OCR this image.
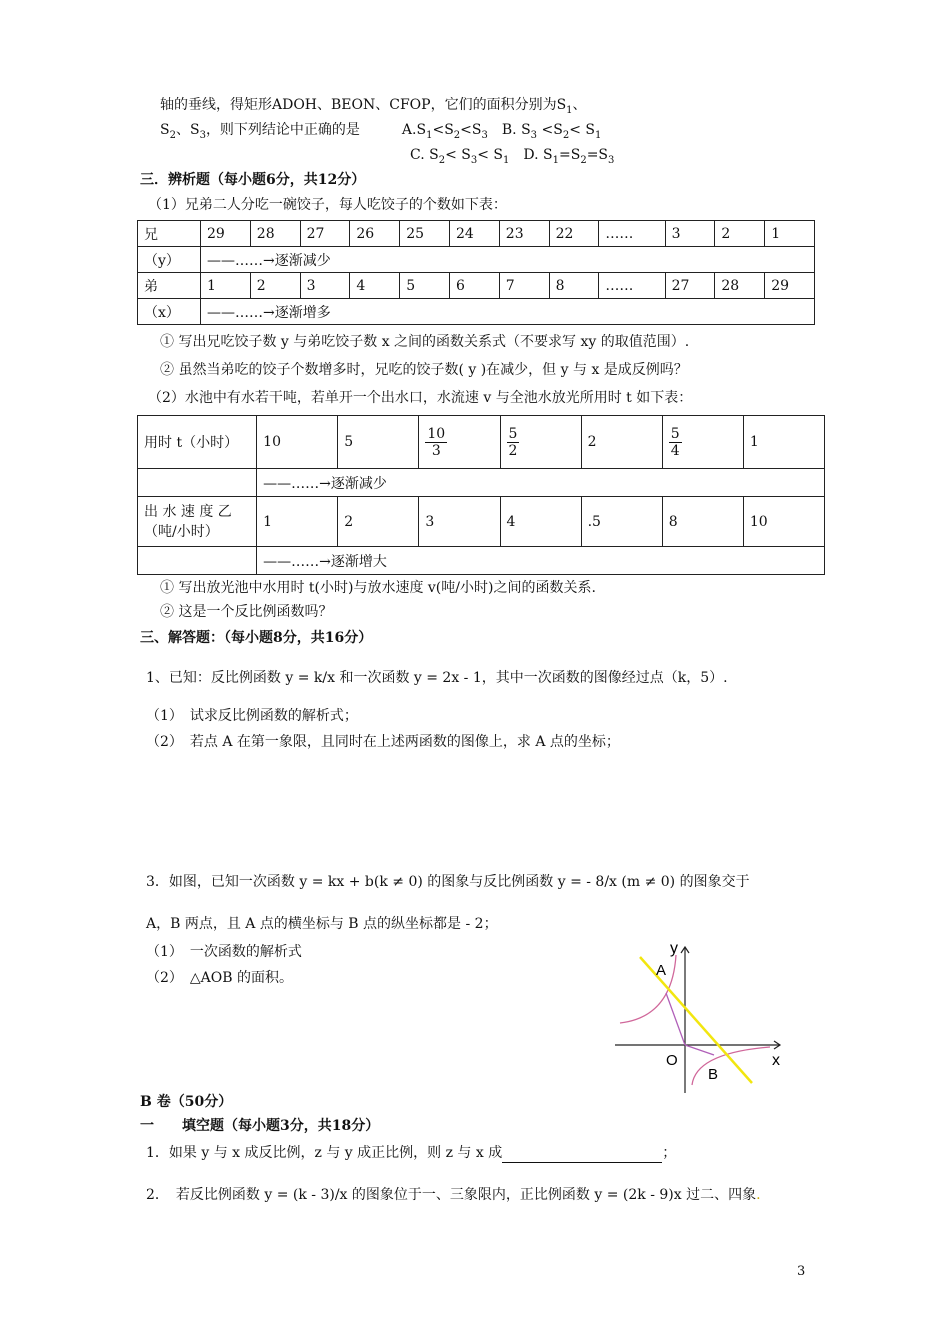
轴的垂线，得矩形ADOH、BEON、CFOP，它们的面积分别为$S_1$、
$S_2$、$S_3$，则下列结论中正确的是　　　$A.S_1<S_2<S_3$　B. $S_3 <S_2< S_1$
C. $S_2< S_3< S_1$　D. $S_1=S_2=S_3$
三．辨析题（每小题6分，共12分）
（1）兄弟二人分吃一碗饺子，每人吃饺子的个数如下表：
兄	29	28	27	26	25	24	23	22	……	3	2	1
（y）	——……→逐渐减少											
弟	1	2	3	4	5	6	7	8	……	27	28	29
（x）	——……→逐渐增多											
① 写出兄吃饺子数 y 与弟吃饺子数 x 之间的函数关系式（不要求写 xy 的取值范围）.
② 虽然当弟吃的饺子个数增多时，兄吃的饺子数( y )在减少，但 y 与 x 是成反例吗？
（2）水池中有水若干吨，若单开一个出水口，水流速 v 与全池水放光所用时 t 如下表：
用时 t（小时）	10	5	$\frac{10}{3}$	$\frac{5}{2}$	2	$\frac{5}{4}$	1
	——……→逐渐减少						
出 水 速 度 乙
（吨/小时）	1	2	3	4	.5	8	10
	——……→逐渐增大						
① 写出放光池中水用时 t(小时)与放水速度 v(吨/小时)之间的函数关系.
② 这是一个反比例函数吗？
三、解答题：（每小题8分，共16分）
1、已知：反比例函数 y = k/x 和一次函数 y = 2x - 1，其中一次函数的图像经过点（k，5）.
（1）　试求反比例函数的解析式；
（2）　若点 A 在第一象限，且同时在上述两函数的图像上，求 A 点的坐标；
3．如图，已知一次函数 y = kx + b(k ≠ 0) 的图象与反比例函数 y = - 8/x (m ≠ 0) 的图象交于
A，B 两点，且 A 点的横坐标与 B 点的纵坐标都是 - 2；
（1）　一次函数的解析式
（2）　△AOB 的面积。
y
A
O	x
B
B 卷（50分）
一　　填空题（每小题3分，共18分）
1．如果 y 与 x 成反比例，z 与 y 成正比例，则 z 与 x 成	；
2．　若反比例函数 y = (k - 3)/x 的图象位于一、三象限内，正比例函数 y = (2k - 9)x 过二、四象.
3
